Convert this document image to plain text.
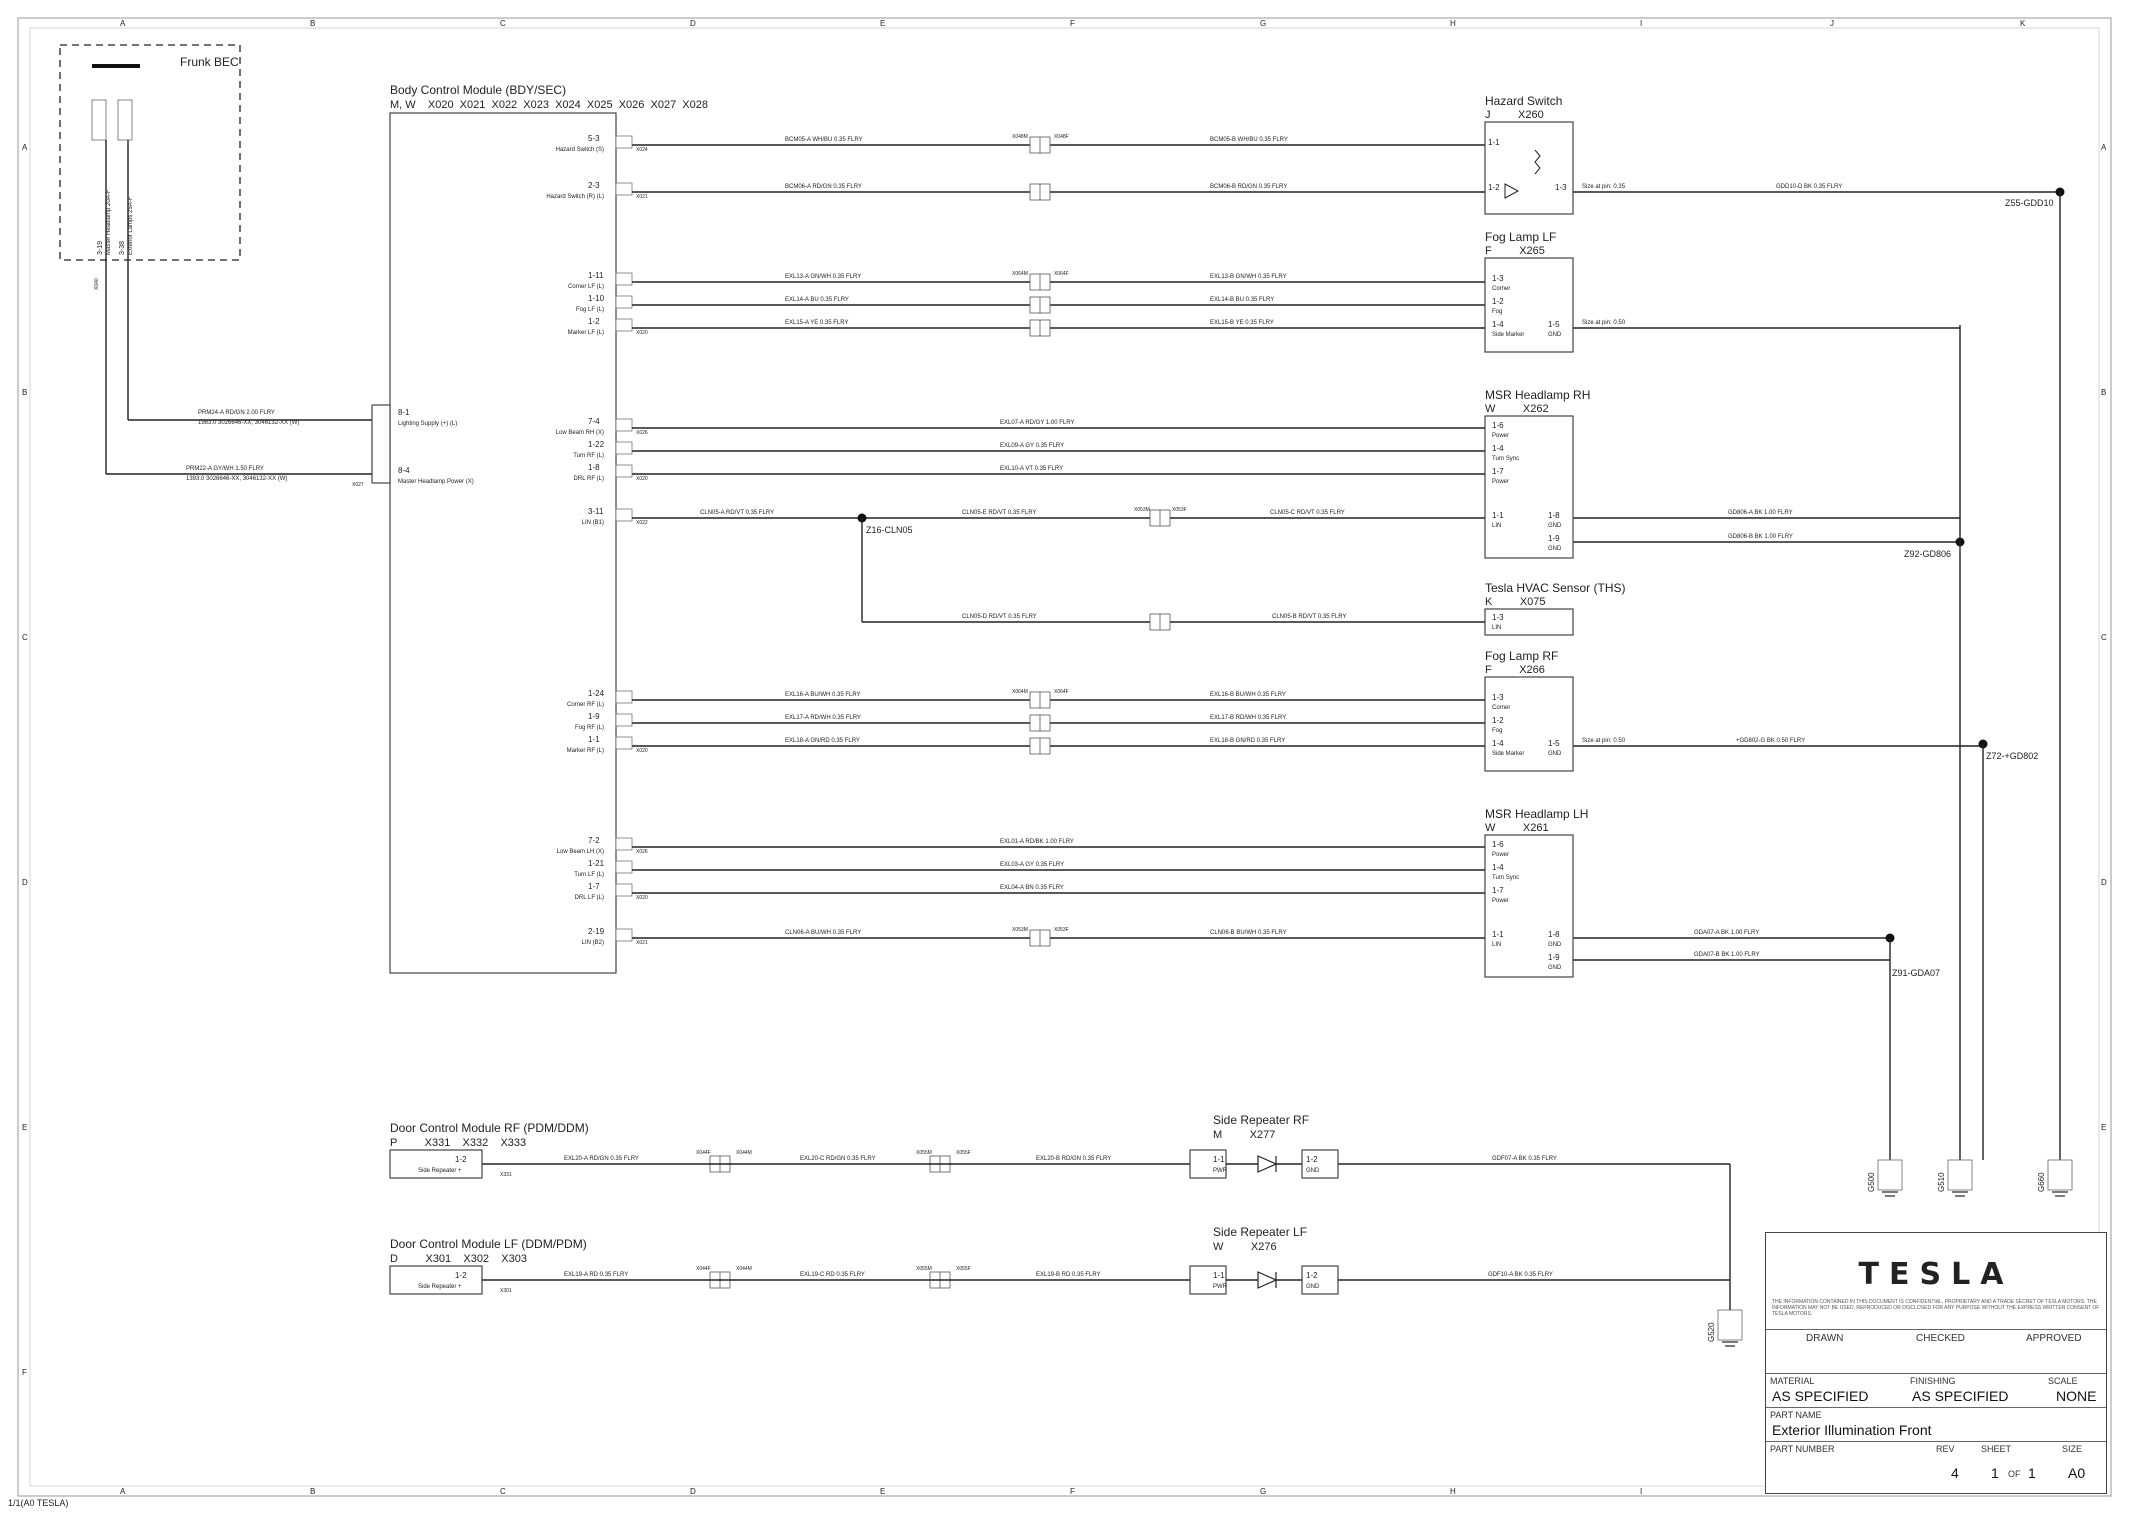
A
A
B
B
C
C
D
D
E
E
F
F
G
G
H
H
I
I
J	K
A	A
B	B
C	C
D	D
E	E
F
Frunk BEC
3-19 Master Headlamp 20A-F 3-38 Exterior Lamps 25A-F
X040
PRM24-A RD/GN 2.00 FLRY
1983.0 3026646-XX, 3046132-XX (W)
PRM22-A GY/WH 1.50 FLRY
1393.0 3026646-XX, 3046132-XX (W)
Body Control Module (BDY/SEC)
M, W    X020  X021  X022  X023  X024  X025  X026  X027  X028
8-1
Lighting Supply (+) (L)
8-4
Master Headlamp Power (X)
X027
5-3
Hazard Switch (S)	X024
2-3
Hazard Switch (R) (L)	X021
1-11
Corner LF (L)
1-10
Fog LF (L)
1-2
Marker LF (L)	X020
7-4
Low Beam RH (X)	X026
1-22
Turn RF (L)
1-8
DRL RF (L)	X020
3-11
LIN (B1)	X022
1-24
Corner RF (L)
1-9
Fog RF (L)
1-1
Marker RF (L)	X020
7-2
Low Beam LH (X)	X026
1-21
Turn LF (L)
1-7
DRL LF (L)	X020
2-19
LIN (B2)	X021
BCM05-A WH/BU 0.35 FLRY	BCM05-B WH/BU 0.35 FLRY
BCM06-A RD/GN 0.35 FLRY	BCM06-B RD/GN 0.35 FLRY
EXL13-A GN/WH 0.35 FLRY	EXL13-B GN/WH 0.35 FLRY
EXL14-A BU 0.35 FLRY	EXL14-B BU 0.35 FLRY
EXL15-A YE 0.35 FLRY	EXL15-B YE 0.35 FLRY
EXL07-A RD/GY 1.00 FLRY
EXL09-A GY 0.35 FLRY
EXL10-A VT 0.35 FLRY
CLN05-A RD/VT 0.35 FLRY	CLN05-E RD/VT 0.35 FLRY	CLN05-C RD/VT 0.35 FLRY
CLN05-D RD/VT 0.35 FLRY	CLN05-B RD/VT 0.35 FLRY
EXL16-A BU/WH 0.35 FLRY	EXL16-B BU/WH 0.35 FLRY
EXL17-A RD/WH 0.35 FLRY	EXL17-B RD/WH 0.35 FLRY
EXL18-A GN/RD 0.35 FLRY	EXL18-B GN/RD 0.35 FLRY
EXL01-A RD/BK 1.00 FLRY
EXL03-A GY 0.35 FLRY
EXL04-A BN 0.35 FLRY
CLN06-A BU/WH 0.35 FLRY	CLN06-B BU/WH 0.35 FLRY
GDD10-D BK 0.35 FLRY
GD806-A BK 1.00 FLRY
GD806-B BK 1.00 FLRY
+GD802-G BK 0.50 FLRY
GDA07-A BK 1.00 FLRY
GDA07-B BK 1.00 FLRY
EXL20-A RD/GN 0.35 FLRY	EXL20-C RD/GN 0.35 FLRY	EXL20-B RD/GN 0.35 FLRY	GDF07-A BK 0.35 FLRY
EXL19-A RD 0.35 FLRY	EXL19-C RD 0.35 FLRY	EXL19-B RD 0.35 FLRY	GDF10-A BK 0.35 FLRY
Size at pin: 0.35
Size at pin: 0.50
Size at pin: 0.50
X048M	X048F
X064M	X064F
X053M	X053F
X064M	X064F
X053M	X053F
X044F	X044M	X055M	X055F
X044F	X044M	X055M	X055F
Hazard Switch
J         X260
1-1
1-2	1-3
Fog Lamp LF
F         X265
1-3
Corner
1-2
Fog
1-4
Side Marker
1-5
GND
MSR Headlamp RH
W         X262
1-6
Power
1-4
Turn Sync
1-7
Power
1-1
LIN
1-8
GND
1-9
GND
Tesla HVAC Sensor (THS)
K         X075
1-3
LIN
Fog Lamp RF
F         X266
1-3
Corner
1-2
Fog
1-4
Side Marker
1-5
GND
MSR Headlamp LH
W         X261
1-6
Power
1-4
Turn Sync
1-7
Power
1-1
LIN
1-8
GND
1-9
GND
Z16-CLN05
Z55-GDD10
Z92-GD806
Z72-+GD802
Z91-GDA07
G500	G510	G660
G520
Door Control Module RF (PDM/DDM)
P         X331    X332    X333
1-2
Side Repeater +
X331
Door Control Module LF (DDM/PDM)
D         X301    X302    X303
1-2
Side Repeater +
X301
Side Repeater RF
M         X277
1-1
PWR
1-2
GND
Side Repeater LF
W         X276
1-1
PWR
1-2
GND
1/1(A0 TESLA)
TESLA
THE INFORMATION CONTAINED IN THIS DOCUMENT IS CONFIDENTIAL, PROPRIETARY AND A TRADE SECRET OF TESLA MOTORS. THE INFORMATION MAY NOT BE USED, REPRODUCED OR DISCLOSED FOR ANY PURPOSE WITHOUT THE EXPRESS WRITTEN CONSENT OF TESLA MOTORS.
DRAWN	CHECKED	APPROVED
MATERIAL
AS SPECIFIED
FINISHING
AS SPECIFIED
SCALE
NONE
PART NAME
Exterior Illumination Front
PART NUMBER	REV
4
SHEET
1 OF 1
SIZE
A0
